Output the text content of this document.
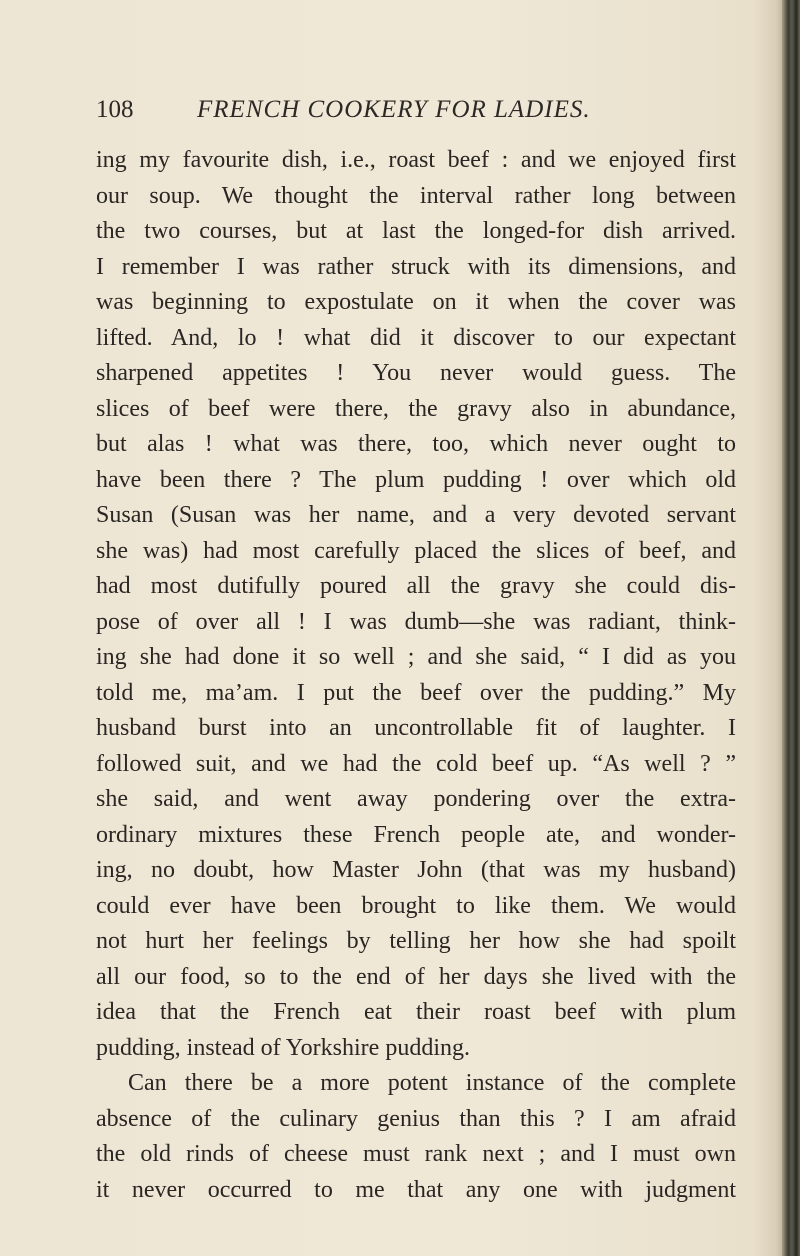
108	FRENCH COOKERY FOR LADIES.
ing my favourite dish, i.e., roast beef : and we enjoyed first
our soup. We thought the interval rather long between
the two courses, but at last the longed-for dish arrived.
I remember I was rather struck with its dimensions, and
was beginning to expostulate on it when the cover was
lifted. And, lo ! what did it discover to our expectant
sharpened appetites ! You never would guess. The
slices of beef were there, the gravy also in abundance,
but alas ! what was there, too, which never ought to
have been there ? The plum pudding ! over which old
Susan (Susan was her name, and a very devoted servant
she was) had most carefully placed the slices of beef, and
had most dutifully poured all the gravy she could dis-
pose of over all ! I was dumb—she was radiant, think-
ing she had done it so well ; and she said, “ I did as you
told me, ma’am. I put the beef over the pudding.” My
husband burst into an uncontrollable fit of laughter. I
followed suit, and we had the cold beef up. “As well ? ”
she said, and went away pondering over the extra-
ordinary mixtures these French people ate, and wonder-
ing, no doubt, how Master John (that was my husband)
could ever have been brought to like them. We would
not hurt her feelings by telling her how she had spoilt
all our food, so to the end of her days she lived with the
idea that the French eat their roast beef with plum
pudding, instead of Yorkshire pudding.
Can there be a more potent instance of the complete
absence of the culinary genius than this ? I am afraid
the old rinds of cheese must rank next ; and I must own
it never occurred to me that any one with judgment
